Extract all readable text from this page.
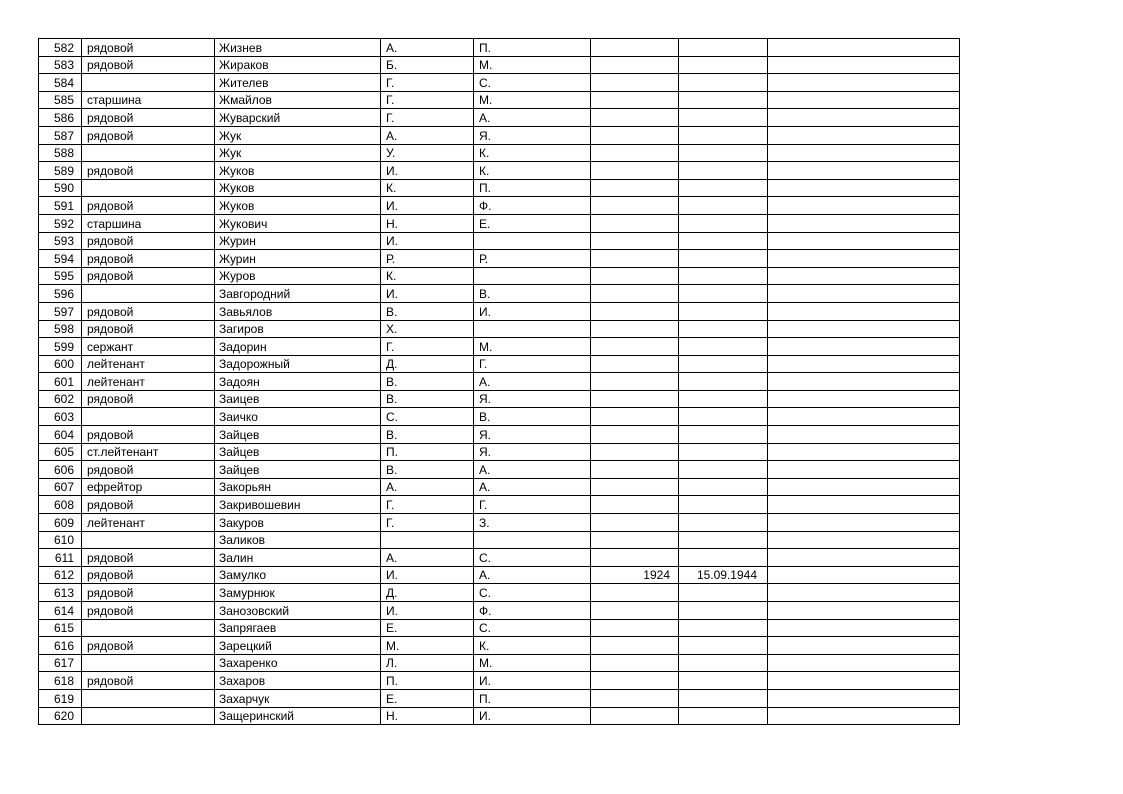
582	рядовой	Жизнев	А.	П.			
583	рядовой	Жираков	Б.	М.			
584		Жителев	Г.	С.			
585	старшина	Жмайлов	Г.	М.			
586	рядовой	Жуварский	Г.	А.			
587	рядовой	Жук	А.	Я.			
588		Жук	У.	К.			
589	рядовой	Жуков	И.	К.			
590		Жуков	К.	П.			
591	рядовой	Жуков	И.	Ф.			
592	старшина	Жукович	Н.	Е.			
593	рядовой	Журин	И.				
594	рядовой	Журин	Р.	Р.			
595	рядовой	Журов	К.				
596		Завгородний	И.	В.			
597	рядовой	Завьялов	В.	И.			
598	рядовой	Загиров	Х.				
599	сержант	Задорин	Г.	М.			
600	лейтенант	Задорожный	Д.	Г.			
601	лейтенант	Задоян	В.	А.			
602	рядовой	Заицев	В.	Я.			
603		Заичко	С.	В.			
604	рядовой	Зайцев	В.	Я.			
605	ст.лейтенант	Зайцев	П.	Я.			
606	рядовой	Зайцев	В.	А.			
607	ефрейтор	Закорьян	А.	А.			
608	рядовой	Закривошевин	Г.	Г.			
609	лейтенант	Закуров	Г.	З.			
610		Заликов					
611	рядовой	Залин	А.	С.			
612	рядовой	Замулко	И.	А.	1924	15.09.1944	
613	рядовой	Замурнюк	Д.	С.			
614	рядовой	Занозовский	И.	Ф.			
615		Запрягаев	Е.	С.			
616	рядовой	Зарецкий	М.	К.			
617		Захаренко	Л.	М.			
618	рядовой	Захаров	П.	И.			
619		Захарчук	Е.	П.			
620		Защеринский	Н.	И.			
